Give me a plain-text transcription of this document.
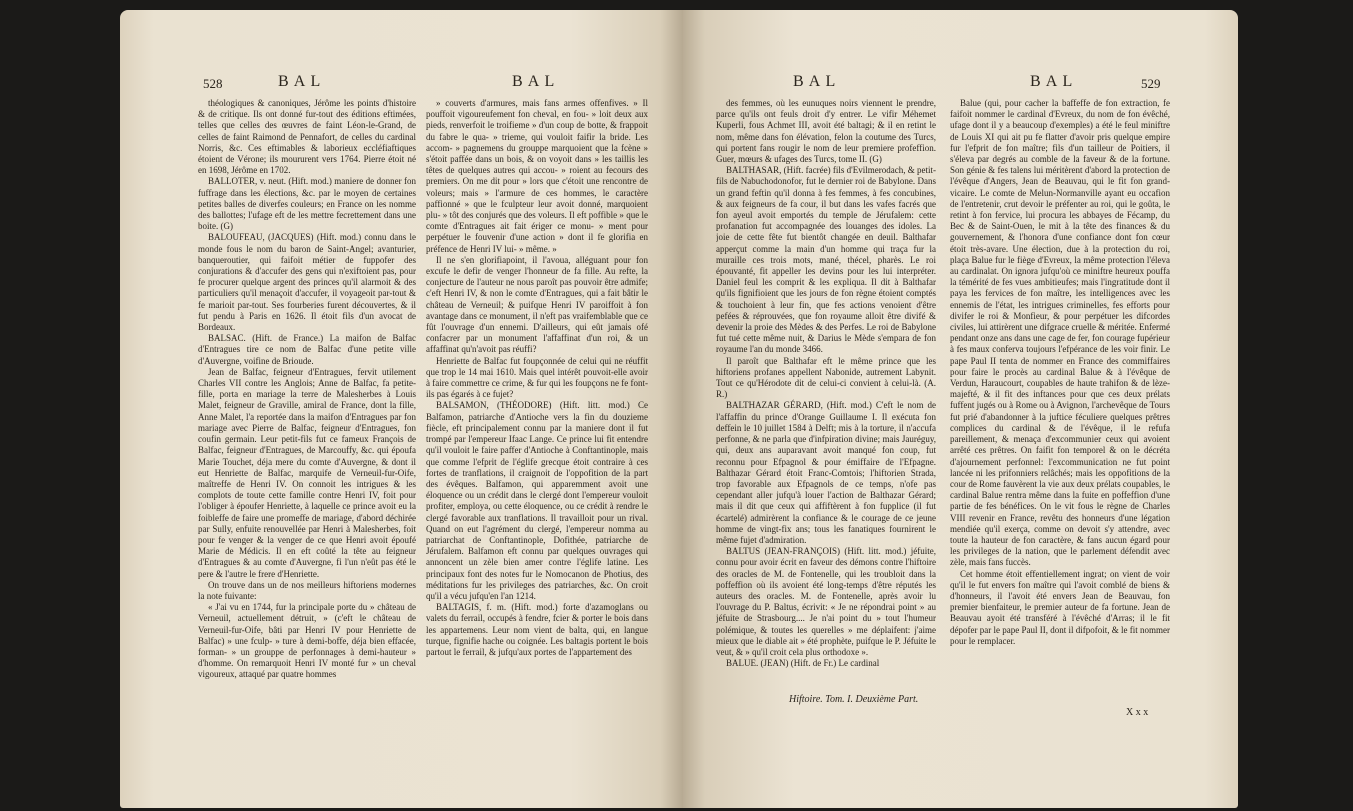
528	B A L	B A L

théologiques & canoniques, Jérôme les points d'histoire & de critique. Ils ont donné fur-tout des éditions eftimées, telles que celles des œuvres de faint Léon-le-Grand, de celles de faint Raimond de Pennafort, de celles du cardinal Norris, &c. Ces eftimables & laborieux eccléfiaftiques étoient de Vérone; ils moururent vers 1764. Pierre étoit né en 1698, Jérôme en 1702.

BALLOTER, v. neut. (Hift. mod.) maniere de donner fon fuffrage dans les élections, &c. par le moyen de certaines petites balles de diverfes couleurs; en France on les nomme des ballottes; l'ufage eft de les mettre fecrettement dans une boite. (G)

BALOUFEAU, (JACQUES) (Hift. mod.) connu dans le monde fous le nom du baron de Saint-Angel; avanturier, banqueroutier, qui faifoit métier de fuppofer des conjurations & d'accufer des gens qui n'exiftoient pas, pour fe procurer quelque argent des princes qu'il alarmoit & des particuliers qu'il menaçoit d'accufer, il voyageoit par-tout & fe marioit par-tout. Ses fourberies furent découvertes, & il fut pendu à Paris en 1626. Il étoit fils d'un avocat de Bordeaux.

BALSAC. (Hift. de France.) La maifon de Balfac d'Entragues tire ce nom de Balfac d'une petite ville d'Auvergne, voifine de Brioude.

Jean de Balfac, feigneur d'Entragues, fervit utilement Charles VII contre les Anglois; Anne de Balfac, fa petite-fille, porta en mariage la terre de Malesherbes à Louis Malet, feigneur de Graville, amiral de France, dont la fille, Anne Malet, l'a reportée dans la maifon d'Entragues par fon mariage avec Pierre de Balfac, feigneur d'Entragues, fon coufin germain. Leur petit-fils fut ce fameux François de Balfac, feigneur d'Entragues, de Marcouffy, &c. qui époufa Marie Touchet, déja mere du comte d'Auvergne, & dont il eut Henriette de Balfac, marquife de Verneuil-fur-Oife, maîtreffe de Henri IV. On connoit les intrigues & les complots de toute cette famille contre Henri IV, foit pour l'obliger à époufer Henriette, à laquelle ce prince avoit eu la foibleffe de faire une promeffe de mariage, d'abord déchirée par Sully, enfuite renouvellée par Henri à Malesherbes, foit pour fe venger & la venger de ce que Henri avoit époufé Marie de Médicis. Il en eft coûté la tête au feigneur d'Entragues & au comte d'Auvergne, fi l'un n'eût pas été le pere & l'autre le frere d'Henriette.

On trouve dans un de nos meilleurs hiftoriens modernes la note fuivante:

« J'ai vu en 1744, fur la principale porte du » château de Verneuil, actuellement détruit, » (c'eft le château de Verneuil-fur-Oife, bâti par Henri IV pour Henriette de Balfac) » une fculp- » ture à demi-boffe, déja bien effacée, forman- » un grouppe de perfonnages à demi-hauteur » d'homme. On remarquoit Henri IV monté fur » un cheval vigoureux, attaqué par quatre hommes

» couverts d'armures, mais fans armes offenfives. » Il pouffoit vigoureufement fon cheval, en fou- » loit deux aux pieds, renverfoit le troifieme » d'un coup de botte, & frappoit du fabre le qua- » trieme, qui vouloit faifir la bride. Les accom- » pagnemens du grouppe marquoient que la fcène » s'étoit paffée dans un bois, & on voyoit dans » les taillis les têtes de quelques autres qui accou- » roient au fecours des premiers. On me dit pour » lors que c'étoit une rencontre de voleurs; mais » l'armure de ces hommes, le caractère paffionné » que le fculpteur leur avoit donné, marquoient plu- » tôt des conjurés que des voleurs. Il eft poffible » que le comte d'Entragues ait fait ériger ce monu- » ment pour perpétuer le fouvenir d'une action » dont il fe glorifia en préfence de Henri IV lui- » même. »

Il ne s'en glorifiapoint, il l'avoua, alléguant pour fon excufe le defir de venger l'honneur de fa fille. Au refte, la conjecture de l'auteur ne nous paroît pas pouvoir être admife; c'eft Henri IV, & non le comte d'Entragues, qui a fait bâtir le château de Verneuil; & puifque Henri IV paroiffoit à fon avantage dans ce monument, il n'eft pas vraifemblable que ce fût l'ouvrage d'un ennemi. D'ailleurs, qui eût jamais ofé confacrer par un monument l'affaffinat d'un roi, & un affaffinat qu'n'avoit pas réuffi?

Henriette de Balfac fut foupçonnée de celui qui ne réuffit que trop le 14 mai 1610. Mais quel intérêt pouvoit-elle avoir à faire commettre ce crime, & fur qui les foupçons ne fe font-ils pas égarés à ce fujet?

BALSAMON, (THÉODORE) (Hift. litt. mod.) Ce Balfamon, patriarche d'Antioche vers la fin du douzieme fiècle, eft principalement connu par la maniere dont il fut trompé par l'empereur Ifaac Lange. Ce prince lui fit entendre qu'il vouloit le faire paffer d'Antioche à Conftantinople, mais que comme l'efprit de l'églife grecque étoit contraire à ces fortes de tranflations, il craignoit de l'oppofition de la part des évêques. Balfamon, qui apparemment avoit une éloquence ou un crédit dans le clergé dont l'empereur vouloit profiter, employa, ou cette éloquence, ou ce crédit à rendre le clergé favorable aux tranflations. Il travailloit pour un rival. Quand on eut l'agrément du clergé, l'empereur nomma au patriarchat de Conftantinople, Dofithée, patriarche de Jérufalem. Balfamon eft connu par quelques ouvrages qui annoncent un zèle bien amer contre l'églife latine. Les principaux font des notes fur le Nomocanon de Photius, des méditations fur les privileges des patriarches, &c. On croit qu'il a vécu jufqu'en l'an 1214.

BALTAGIS, f. m. (Hift. mod.) forte d'azamoglans ou valets du ferrail, occupés à fendre, fcier & porter le bois dans les appartemens. Leur nom vient de balta, qui, en langue turque, fignifie hache ou coignée. Les baltagis portent le bois partout le ferrail, & jufqu'aux portes de l'appartement des

B A L	B A L	529

des femmes, où les eunuques noirs viennent le prendre, parce qu'ils ont feuls droit d'y entrer. Le vifir Méhemet Kuperli, fous Achmet III, avoit été baltagi; & il en retint le nom, même dans fon élévation, felon la coutume des Turcs, qui portent fans rougir le nom de leur premiere profeffion. Guer, mœurs & ufages des Turcs, tome II. (G)

BALTHASAR, (Hift. facrée) fils d'Evilmerodach, & petit-fils de Nabuchodonofor, fut le dernier roi de Babylone. Dans un grand feftin qu'il donna à fes femmes, à fes concubines, & aux feigneurs de fa cour, il but dans les vafes facrés que fon ayeul avoit emportés du temple de Jérufalem: cette profanation fut accompagnée des louanges des idoles. La joie de cette fête fut bientôt changée en deuil. Balthafar apperçut comme la main d'un homme qui traça fur la muraille ces trois mots, mané, thécel, pharès. Le roi épouvanté, fit appeller les devins pour les lui interpréter. Daniel feul les comprit & les expliqua. Il dit à Balthafar qu'ils fignifioient que les jours de fon règne étoient comptés & touchoient à leur fin, que fes actions venoient d'être pefées & réprouvées, que fon royaume alloit être divifé & devenir la proie des Mèdes & des Perfes. Le roi de Babylone fut tué cette même nuit, & Darius le Mède s'empara de fon royaume l'an du monde 3466.

Il paroît que Balthafar eft le même prince que les hiftoriens profanes appellent Nabonide, autrement Labynit. Tout ce qu'Hérodote dit de celui-ci convient à celui-là. (A. R.)

BALTHAZAR GÉRARD, (Hift. mod.) C'eft le nom de l'affaffin du prince d'Orange Guillaume I. Il exécuta fon deffein le 10 juillet 1584 à Delft; mis à la torture, il n'accufa perfonne, & ne parla que d'infpiration divine; mais Jauréguy, qui, deux ans auparavant avoit manqué fon coup, fut reconnu pour Efpagnol & pour émiffaire de l'Efpagne. Balthazar Gérard étoit Franc-Comtois; l'hiftorien Strada, trop favorable aux Efpagnols de ce temps, n'ofe pas cependant aller jufqu'à louer l'action de Balthazar Gérard; mais il dit que ceux qui affiftèrent à fon fupplice (il fut écartelé) admirèrent la confiance & le courage de ce jeune homme de vingt-fix ans; tous les fanatiques fournirent le même fujet d'admiration.

BALTUS (JEAN-FRANÇOIS) (Hift. litt. mod.) jéfuite, connu pour avoir écrit en faveur des démons contre l'hiftoire des oracles de M. de Fontenelle, qui les troubloit dans la poffeffion où ils avoient été long-temps d'être réputés les auteurs des oracles. M. de Fontenelle, après avoir lu l'ouvrage du P. Baltus, écrivit: « Je ne répondrai point » au jéfuite de Strasbourg.... Je n'ai point du » tout l'humeur polémique, & toutes les querelles » me déplaifent: j'aime mieux que le diable ait » été prophète, puifque le P. Jéfuite le veut, & » qu'il croit cela plus orthodoxe ».

BALUE. (JEAN) (Hift. de Fr.) Le cardinal

Balue (qui, pour cacher la baffeffe de fon extraction, fe faifoit nommer le cardinal d'Evreux, du nom de fon évêché, ufage dont il y a beaucoup d'exemples) a été le feul miniftre de Louis XI qui ait pu fe flatter d'avoir pris quelque empire fur l'efprit de fon maître; fils d'un tailleur de Poitiers, il s'éleva par degrés au comble de la faveur & de la fortune. Son génie & fes talens lui méritèrent d'abord la protection de l'évêque d'Angers, Jean de Beauvau, qui le fit fon grand-vicaire. Le comte de Melun-Normanville ayant eu occafion de l'entretenir, crut devoir le préfenter au roi, qui le goûta, le retint à fon fervice, lui procura les abbayes de Fécamp, du Bec & de Saint-Ouen, le mit à la tête des finances & du gouvernement, & l'honora d'une confiance dont fon cœur étoit très-avare. Une élection, due à la protection du roi, plaça Balue fur le fiège d'Evreux, la même protection l'éleva au cardinalat. On ignora jufqu'où ce miniftre heureux pouffa la témérité de fes vues ambitieufes; mais l'ingratitude dont il paya les fervices de fon maître, les intelligences avec les ennemis de l'état, les intrigues criminelles, fes efforts pour divifer le roi & Monfieur, & pour perpétuer les difcordes civiles, lui attirèrent une difgrace cruelle & méritée. Enfermé pendant onze ans dans une cage de fer, fon courage fupérieur à fes maux conferva toujours l'efpérance de les voir finir. Le pape Paul II tenta de nommer en France des commiffaires pour faire le procès au cardinal Balue & à l'évêque de Verdun, Haraucourt, coupables de haute trahifon & de lèze-majefté, & il fit des inftances pour que ces deux prélats fuffent jugés ou à Rome ou à Avignon, l'archevêque de Tours fut prié d'abandonner à la juftice féculiere quelques prêtres complices du cardinal & de l'évêque, il le refufa pareillement, & menaça d'excommunier ceux qui avoient arrêté ces prêtres. On faifit fon temporel & on le décréta d'ajournement perfonnel: l'excommunication ne fut point lancée ni les prifonniers relâchés; mais les oppofitions de la cour de Rome fauvèrent la vie aux deux prélats coupables, le cardinal Balue rentra même dans la fuite en poffeffion d'une partie de fes bénéfices. On le vit fous le règne de Charles VIII revenir en France, revêtu des honneurs d'une légation mendiée qu'il exerça, comme on devoit s'y attendre, avec toute la hauteur de fon caractère, & fans aucun égard pour les privileges de la nation, que le parlement défendit avec zèle, mais fans fuccès.

Cet homme étoit effentiellement ingrat; on vient de voir qu'il le fut envers fon maître qui l'avoit comblé de biens & d'honneurs, il l'avoit été envers Jean de Beauvau, fon premier bienfaiteur, le premier auteur de fa fortune. Jean de Beauvau ayoit été transféré à l'évêché d'Arras; il le fit dépofer par le pape Paul II, dont il difpofoit, & le fit nommer pour le remplacer.

Hiftoire. Tom. I. Deuxième Part.
X x x
